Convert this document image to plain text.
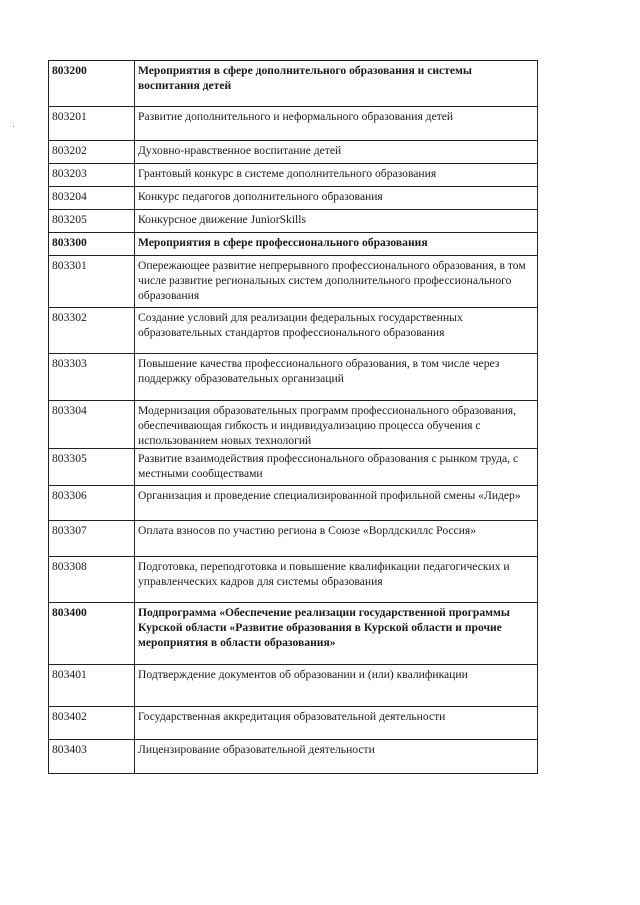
803200	Мероприятия в сфере дополнительного образования и системы воспитания детей
803201	Развитие дополнительного и неформального образования детей
803202	Духовно-нравственное воспитание детей
803203	Грантовый конкурс в системе дополнительного образования
803204	Конкурс педагогов дополнительного образования
803205	Конкурсное движение JuniorSkills
803300	Мероприятия в сфере профессионального образования
803301	Опережающее развитие непрерывного профессионального образования, в том числе развитие региональных систем дополнительного профессионального образования
803302	Создание условий для реализации федеральных государственных образовательных стандартов профессионального образования
803303	Повышение качества профессионального образования, в том числе через поддержку образовательных организаций
803304	Модернизация образовательных программ профессионального образования, обеспечивающая гибкость и индивидуализацию процесса обучения с использованием новых технологий
803305	Развитие взаимодействия профессионального образования с рынком труда, с местными сообществами
803306	Организация и проведение специализированной профильной смены «Лидер»
803307	Оплата взносов по участию региона в Союзе «Ворлдскиллс Россия»
803308	Подготовка, переподготовка и повышение квалификации педагогических и управленческих кадров для системы образования
803400	Подпрограмма «Обеспечение реализации государственной программы Курской области «Развитие образования в Курской области и прочие мероприятия в области образования»
803401	Подтверждение документов об образовании и (или) квалификации
803402	Государственная аккредитация образовательной деятельности
803403	Лицензирование образовательной деятельности
